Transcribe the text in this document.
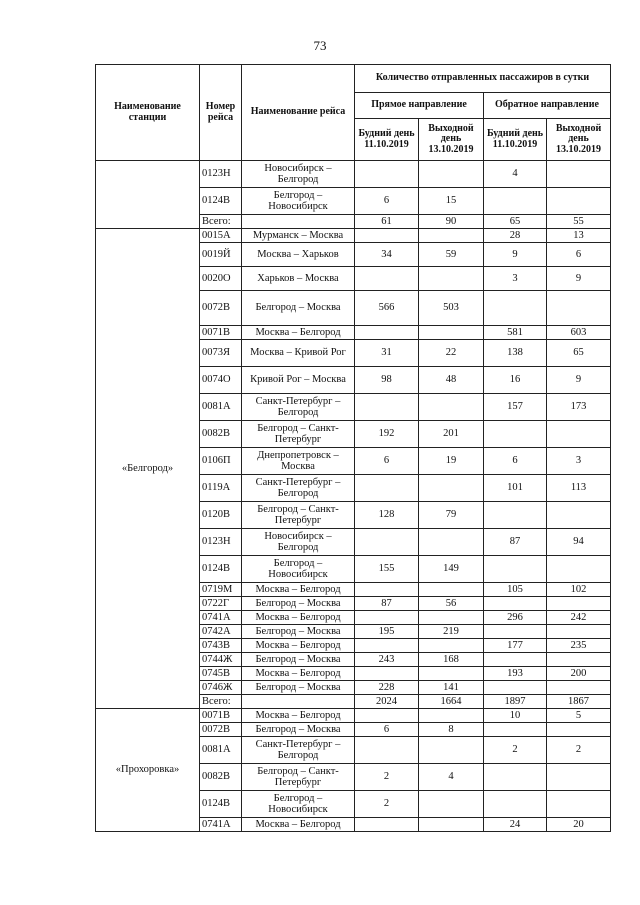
73
Наименование станции	Номер рейса	Наименование рейса	Количество отправленных пассажиров в сутки			
			Прямое направление		Обратное направление	
			Будний день 11.10.2019	Выходной день 13.10.2019	Будний день 11.10.2019	Выходной день 13.10.2019
	0123Н	Новосибирск – Белгород			4	
	0124В	Белгород – Новосибирск	6	15		
	Всего:		61	90	65	55
«Белгород»	0015А	Мурманск – Москва			28	13
	0019Й	Москва – Харьков	34	59	9	6
	0020О	Харьков – Москва			3	9
	0072В	Белгород – Москва	566	503		
	0071В	Москва – Белгород			581	603
	0073Я	Москва – Кривой Рог	31	22	138	65
	0074О	Кривой Рог – Москва	98	48	16	9
	0081А	Санкт-Петербург – Белгород			157	173
	0082В	Белгород – Санкт-Петербург	192	201		
	0106П	Днепропетровск – Москва	6	19	6	3
	0119А	Санкт-Петербург – Белгород			101	113
	0120В	Белгород – Санкт-Петербург	128	79		
	0123Н	Новосибирск – Белгород			87	94
	0124В	Белгород – Новосибирск	155	149		
	0719М	Москва – Белгород			105	102
	0722Г	Белгород – Москва	87	56		
	0741А	Москва – Белгород			296	242
	0742А	Белгород – Москва	195	219		
	0743В	Москва – Белгород			177	235
	0744Ж	Белгород – Москва	243	168		
	0745В	Москва – Белгород			193	200
	0746Ж	Белгород – Москва	228	141		
	Всего:		2024	1664	1897	1867
«Прохоровка»	0071В	Москва – Белгород			10	5
	0072В	Белгород – Москва	6	8		
	0081А	Санкт-Петербург – Белгород			2	2
	0082В	Белгород – Санкт-Петербург	2	4		
	0124В	Белгород – Новосибирск	2			
	0741А	Москва – Белгород			24	20
